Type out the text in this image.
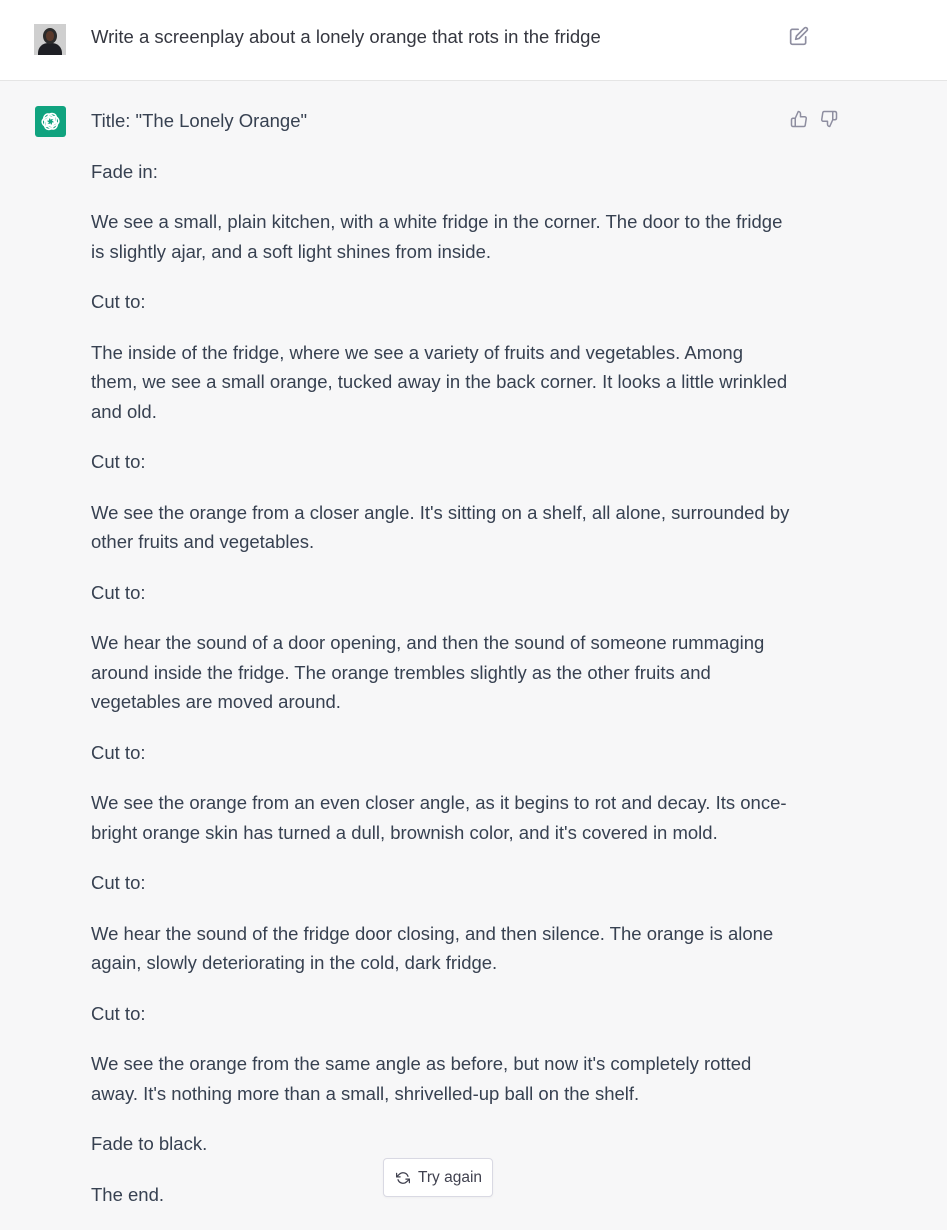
Write a screenplay about a lonely orange that rots in the fridge

Title: "The Lonely Orange"

Fade in:

We see a small, plain kitchen, with a white fridge in the corner. The door to the fridge is slightly ajar, and a soft light shines from inside.

Cut to:

The inside of the fridge, where we see a variety of fruits and vegetables. Among them, we see a small orange, tucked away in the back corner. It looks a little wrinkled and old.

Cut to:

We see the orange from a closer angle. It's sitting on a shelf, all alone, surrounded by other fruits and vegetables.

Cut to:

We hear the sound of a door opening, and then the sound of someone rummaging around inside the fridge. The orange trembles slightly as the other fruits and vegetables are moved around.

Cut to:

We see the orange from an even closer angle, as it begins to rot and decay. Its once-bright orange skin has turned a dull, brownish color, and it's covered in mold.

Cut to:

We hear the sound of the fridge door closing, and then silence. The orange is alone again, slowly deteriorating in the cold, dark fridge.

Cut to:

We see the orange from the same angle as before, but now it's completely rotted away. It's nothing more than a small, shrivelled-up ball on the shelf.

Fade to black.

The end.

Try again
